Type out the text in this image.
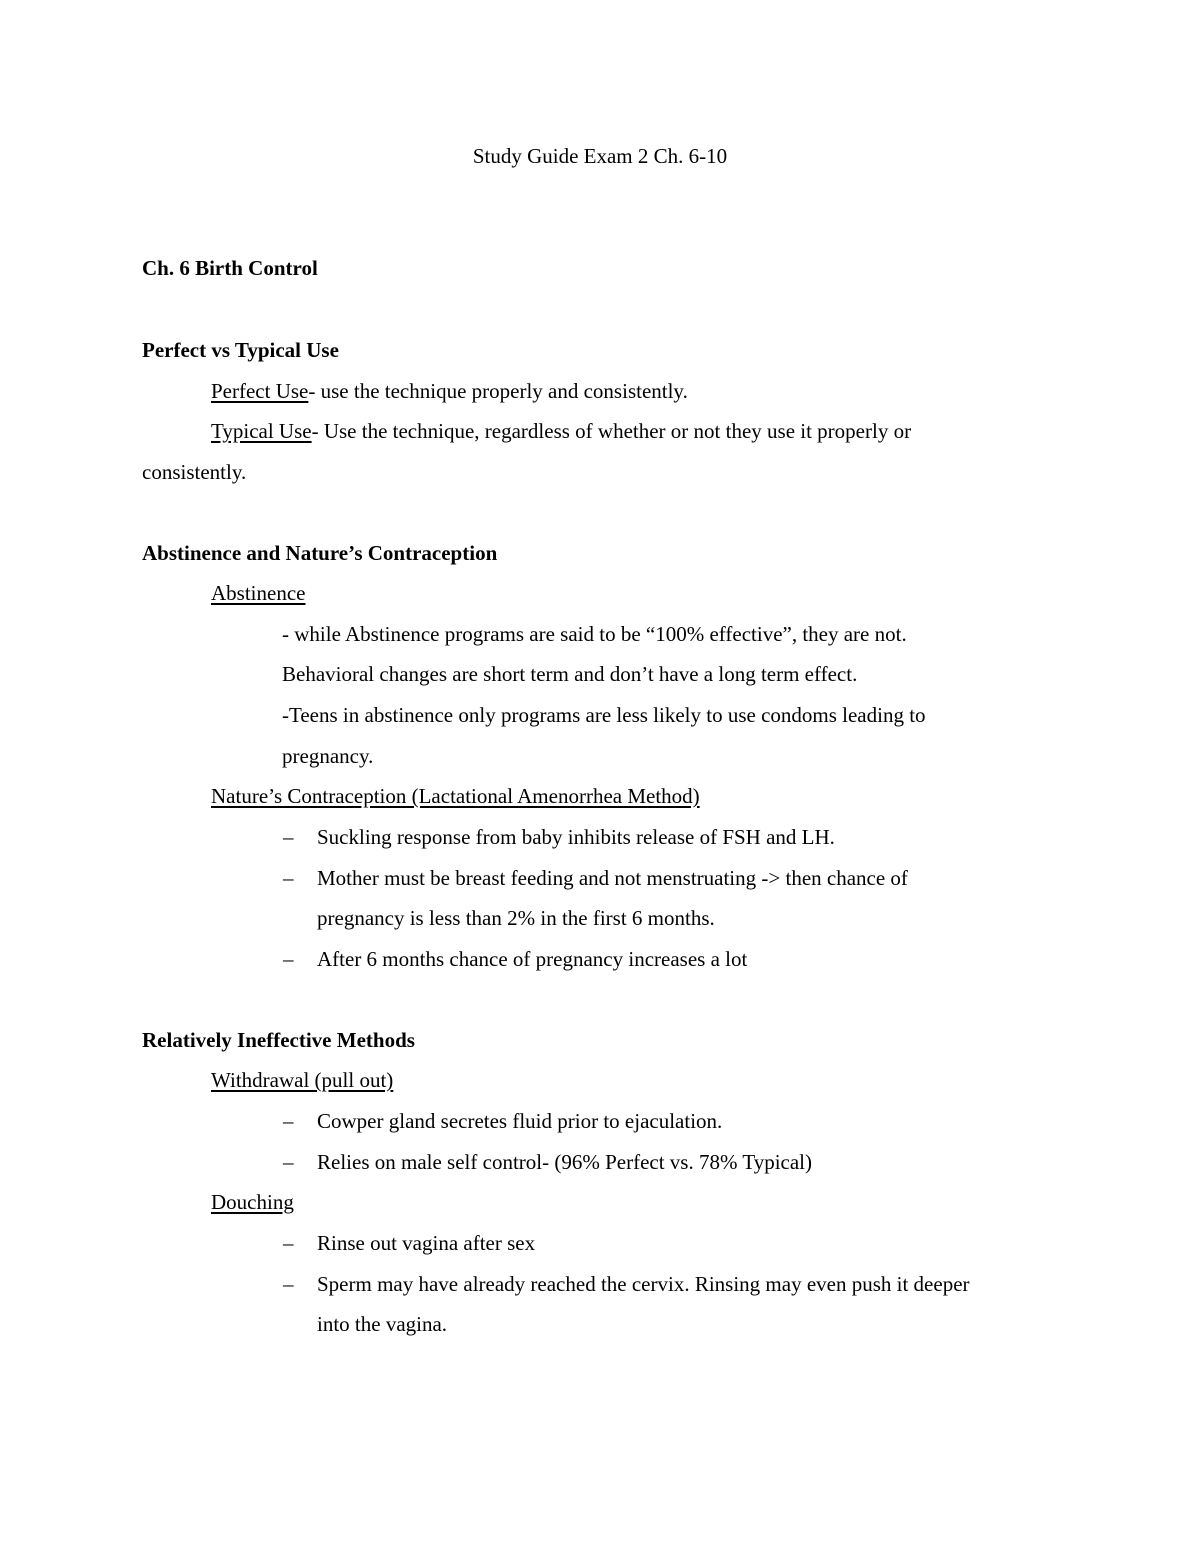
Study Guide Exam 2 Ch. 6-10
Ch. 6 Birth Control
Perfect vs Typical Use
Perfect Use- use the technique properly and consistently.
Typical Use- Use the technique, regardless of whether or not they use it properly or
consistently.
Abstinence and Nature’s Contraception
Abstinence
- while Abstinence programs are said to be “100% effective”, they are not.
Behavioral changes are short term and don’t have a long term effect.
-Teens in abstinence only programs are less likely to use condoms leading to
pregnancy.
Nature’s Contraception (Lactational Amenorrhea Method)
– Suckling response from baby inhibits release of FSH and LH.
– Mother must be breast feeding and not menstruating -> then chance of
pregnancy is less than 2% in the first 6 months.
– After 6 months chance of pregnancy increases a lot
Relatively Ineffective Methods
Withdrawal (pull out)
– Cowper gland secretes fluid prior to ejaculation.
– Relies on male self control- (96% Perfect vs. 78% Typical)
Douching
– Rinse out vagina after sex
– Sperm may have already reached the cervix. Rinsing may even push it deeper
into the vagina.
